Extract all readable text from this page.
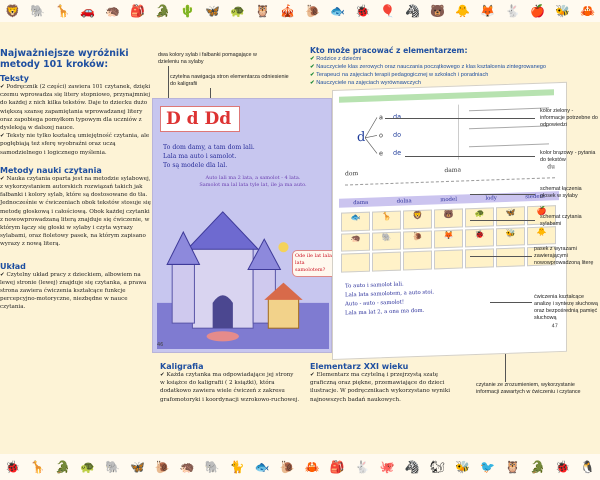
🦁 🐘 🦒 🚗 🦔 🎒 🐊 🌵 🦋 🐢 🦉 🎪 🐌 🐟 🐞 🎈 🦓 🐻 🐥 🦊 🐇 🍎 🐝 🦀
🐞 🦒 🐊 🐢 🐘 🦋 🐌 🦔 🐘 🐈 🐟 🐌 🦀 🎒 🐇 🐙 🦓 🐿 🐝 🐦 🦉 🐊 🐞 🐧
Najważniejsze wyróżniki metody 101 kroków:
Teksty
✔ Podręcznik (2 części) zawiera 101 czytanek, dzięki czemu wprowadza się litery stopniowo, przynajmniej do każdej z nich kilka tekstów. Daje to dziecku dużo większą szansę zapamiętania wprowadzanej litery oraz zapobiega pomyłkom typowym dla uczniów z dysleksją w dalszej nauce.
✔ Teksty nie tylko kształcą umiejętność czytania, ale pogłębiają też sferę wyobraźni oraz uczą samodzielnego i logicznego myślenia.
Metody nauki czytania
✔ Nauka czytania oparta jest na metodzie sylabowej, z wykorzystaniem autorskich rozwiązań takich jak fałbanki i kolory sylab, które są dostosowane do tła. Jednocześnie w ćwiczeniach obok tekstów stosuje się metodę głoskową i całościową. Obok każdej czytanki z nowowprowadzaną literą znajduje się ćwiczenie, w którym łączy się głoski w sylaby i czyta wyrazy sylabami, oraz fioletowy pasek, na którym zapisano wyrazy z nową literą.
Układ
✔ Czytelny układ pracy z dzieckiem, albowiem na lewej stronie (lewej) znajduje się czytanka, a prawa strona zawiera ćwiczenia kształcące funkcje percepcyjno-motoryczne, niezbędne w nauce czytania.
dwa kolory sylab i fałbanki pomagające w dzieleniu na sylaby
czytelna nawigacja stron elementarza odniesienie do kaligrafii
Kto może pracować z elementarzem:
✔ Rodzice z dziećmi
✔ Nauczyciele klas zerowych oraz nauczania początkowego z klas kształcenia zintegrowanego
✔ Terapeuci na zajęciach terapii pedagogicznej w szkołach i poradniach
✔ Nauczyciele na zajęciach wyrównawczych
D d Dd
To dom damy, a tam dom lali.
Lala ma auto i samolot.
To są modele dla lal.
Auto lali ma 2 lata, a samolot - 4 lata.
Samolot ma lal lata tyle lat, ile ja ma auto.
46
Ode ile lat lala lata samolotem?
d
a
o
e
da
do
de
dom	dama	du
dama	dolna	model	lody	siedem
🐟	🦒	🦁	🐻	🐢	🦋	🍎
🦔	🐘	🐌	🦊	🐞	🐝	🐥
To auto i samolot lali.
Lala lata samolotem, a auto stoi.
Auto - auto - samolot!
Lala ma lat 2, a ona ma dom.
47
kolor zielony - informacje potrzebne do odpowiedzi
kolor brązowy - pytania do tekstów
schemat łączenia głosek w sylaby
schemat czytania sylabami
pasek z wyrazami zawierającymi nowowprowadzoną literę
ćwiczenia kształcące analizę i syntezę słuchową oraz bezpośrednią pamięć słuchową
czytanie ze zrozumieniem, wykorzystanie informacji zawartych w ćwiczeniu i czytance
Kaligrafia
✔ Każda czytanka ma odpowiadające jej strony w książce do kaligrafii ( 2 książki), która dodatkowo zawiera wiele ćwiczeń z zakresu grafomotoryki i koordynacji wzrokowo-ruchowej.
Elementarz XXI wieku
✔ Elementarz ma czytelną i przejrzystą szatę graficzną oraz piękne, przemawiające do dzieci ilustracje. W podręcznikach wykorzystano wyniki najnowszych badań naukowych.
